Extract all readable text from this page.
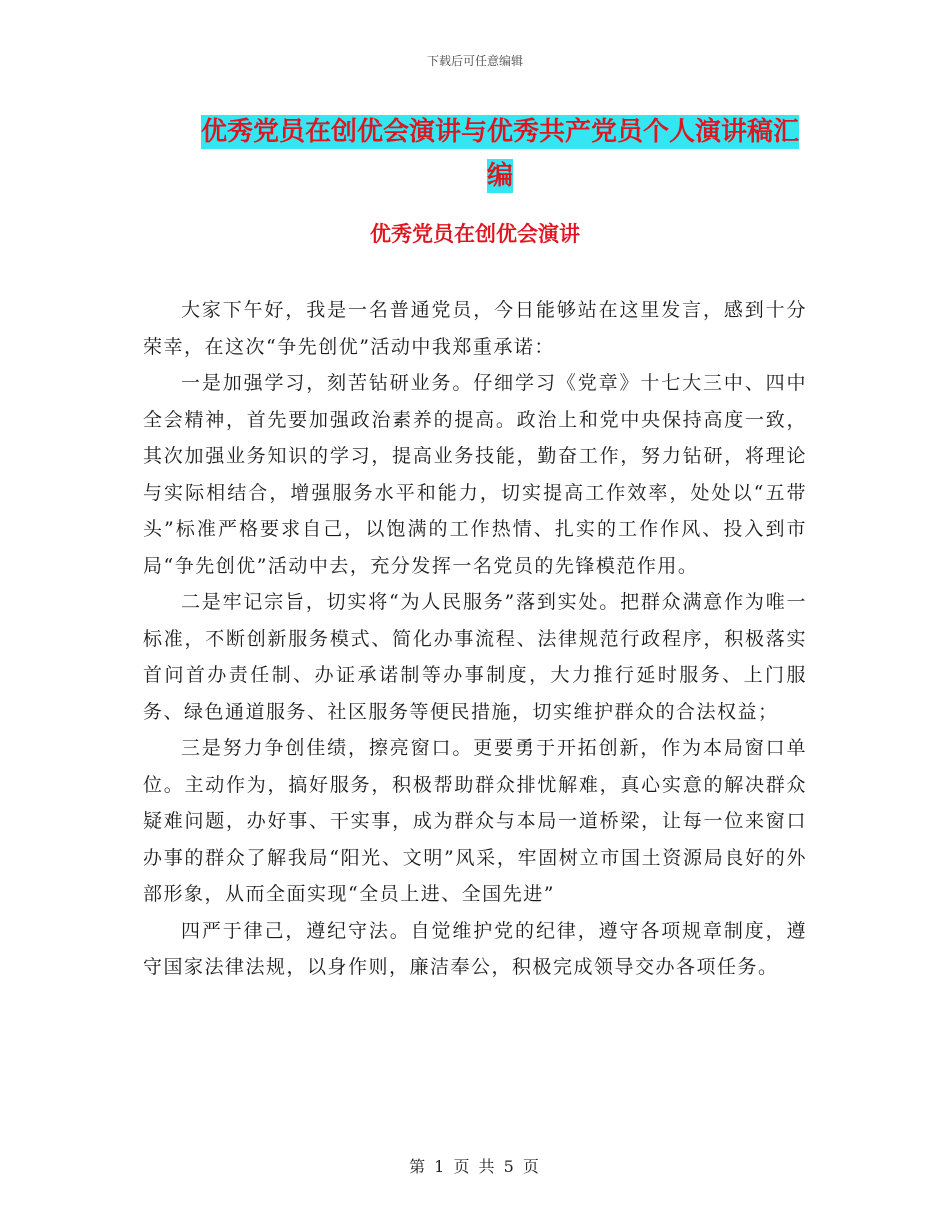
下载后可任意编辑
优秀党员在创优会演讲与优秀共产党员个人演讲稿汇编
优秀党员在创优会演讲

大家下午好，我是一名普通党员，今日能够站在这里发言，感到十分荣幸，在这次“争先创优”活动中我郑重承诺：

一是加强学习，刻苦钻研业务。仔细学习《党章》十七大三中、四中全会精神，首先要加强政治素养的提高。政治上和党中央保持高度一致，其次加强业务知识的学习，提高业务技能，勤奋工作，努力钻研，将理论与实际相结合，增强服务水平和能力，切实提高工作效率，处处以“五带头”标准严格要求自己，以饱满的工作热情、扎实的工作作风、投入到市局“争先创优”活动中去，充分发挥一名党员的先锋模范作用。

二是牢记宗旨，切实将“为人民服务”落到实处。把群众满意作为唯一标准，不断创新服务模式、简化办事流程、法律规范行政程序，积极落实首问首办责任制、办证承诺制等办事制度，大力推行延时服务、上门服务、绿色通道服务、社区服务等便民措施，切实维护群众的合法权益；

三是努力争创佳绩，擦亮窗口。更要勇于开拓创新，作为本局窗口单位。主动作为，搞好服务，积极帮助群众排忧解难，真心实意的解决群众疑难问题，办好事、干实事，成为群众与本局一道桥梁，让每一位来窗口办事的群众了解我局“阳光、文明”风采，牢固树立市国土资源局良好的外部形象，从而全面实现“全员上进、全国先进”

四严于律己，遵纪守法。自觉维护党的纪律，遵守各项规章制度，遵守国家法律法规，以身作则，廉洁奉公，积极完成领导交办各项任务。

第 1 页 共 5 页
